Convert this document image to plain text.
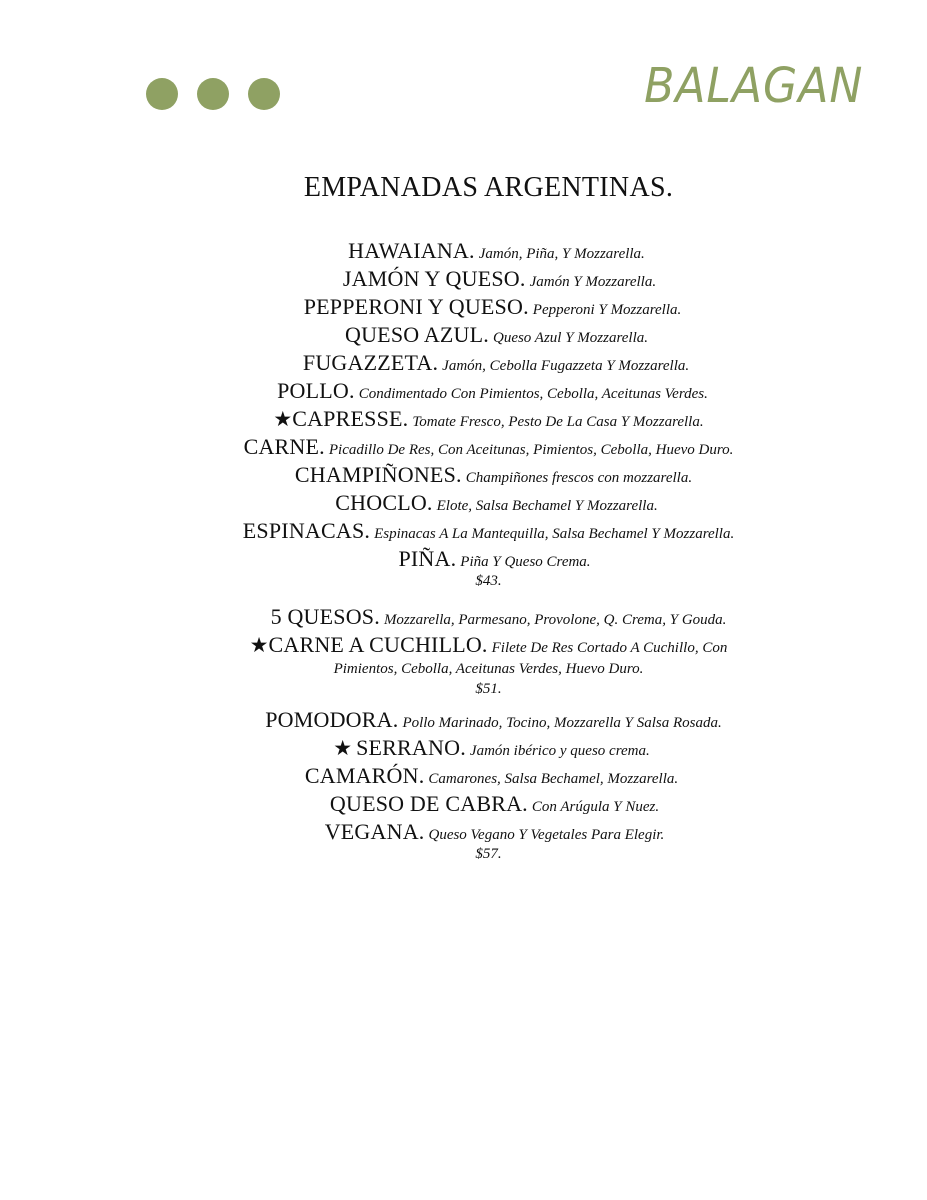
BALAGAN
EMPANADAS ARGENTINAS.
HAWAIANA. Jamón, Piña, Y Mozzarella.
JAMÓN Y QUESO. Jamón Y Mozzarella.
PEPPERONI Y QUESO. Pepperoni Y Mozzarella.
QUESO AZUL. Queso Azul Y Mozzarella.
FUGAZZETA. Jamón, Cebolla Fugazzeta Y Mozzarella.
POLLO. Condimentado Con Pimientos, Cebolla, Aceitunas Verdes.
★CAPRESSE. Tomate Fresco, Pesto De La Casa Y Mozzarella.
CARNE. Picadillo De Res, Con Aceitunas, Pimientos, Cebolla, Huevo Duro.
CHAMPIÑONES. Champiñones frescos con mozzarella.
CHOCLO. Elote, Salsa Bechamel Y Mozzarella.
ESPINACAS. Espinacas A La Mantequilla, Salsa Bechamel Y Mozzarella.
PIÑA. Piña Y Queso Crema.
$43.
5 QUESOS. Mozzarella, Parmesano, Provolone, Q. Crema, Y Gouda.
★CARNE A CUCHILLO. Filete De Res Cortado A Cuchillo, Con
Pimientos, Cebolla, Aceitunas Verdes, Huevo Duro.
$51.
POMODORA. Pollo Marinado, Tocino, Mozzarella Y Salsa Rosada.
★ SERRANO. Jamón ibérico y queso crema.
CAMARÓN. Camarones, Salsa Bechamel, Mozzarella.
QUESO DE CABRA. Con Arúgula Y Nuez.
VEGANA. Queso Vegano Y Vegetales Para Elegir.
$57.
